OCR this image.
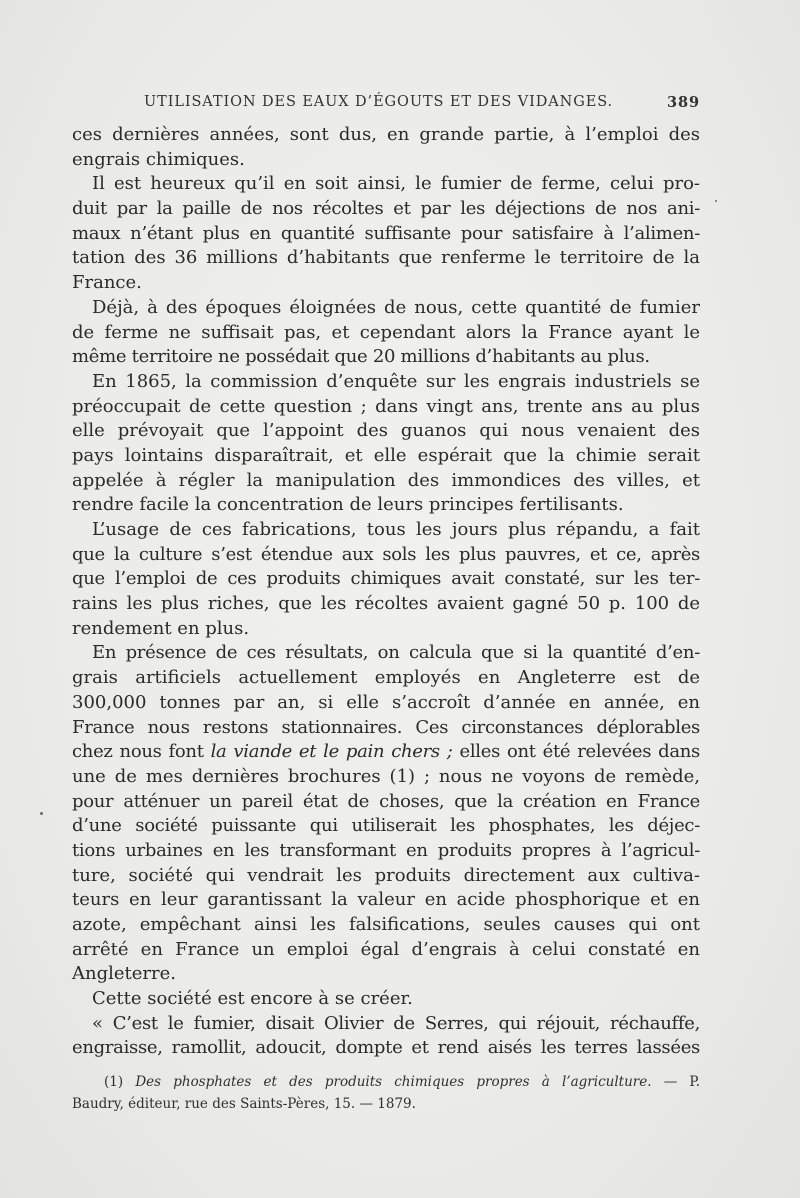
UTILISATION DES EAUX D’ÉGOUTS ET DES VIDANGES.	389
ces dernières années, sont dus, en grande partie, à l’emploi des
engrais chimiques.
Il est heureux qu’il en soit ainsi, le fumier de ferme, celui pro-
duit par la paille de nos récoltes et par les déjections de nos ani-
maux n’étant plus en quantité suffisante pour satisfaire à l’alimen-
tation des 36 millions d’habitants que renferme le territoire de la
France.
Déjà, à des époques éloignées de nous, cette quantité de fumier
de ferme ne suffisait pas, et cependant alors la France ayant le
même territoire ne possédait que 20 millions d’habitants au plus.
En 1865, la commission d’enquête sur les engrais industriels se
préoccupait de cette question ; dans vingt ans, trente ans au plus
elle prévoyait que l’appoint des guanos qui nous venaient des
pays lointains disparaîtrait, et elle espérait que la chimie serait
appelée à régler la manipulation des immondices des villes, et
rendre facile la concentration de leurs principes fertilisants.
L’usage de ces fabrications, tous les jours plus répandu, a fait
que la culture s’est étendue aux sols les plus pauvres, et ce, après
que l’emploi de ces produits chimiques avait constaté, sur les ter-
rains les plus riches, que les récoltes avaient gagné 50 p. 100 de
rendement en plus.
En présence de ces résultats, on calcula que si la quantité d’en-
grais artificiels actuellement employés en Angleterre est de
300,000 tonnes par an, si elle s’accroît d’année en année, en
France nous restons stationnaires. Ces circonstances déplorables
chez nous font la viande et le pain chers ; elles ont été relevées dans
une de mes dernières brochures (1) ; nous ne voyons de remède,
pour atténuer un pareil état de choses, que la création en France
d’une société puissante qui utiliserait les phosphates, les déjec-
tions urbaines en les transformant en produits propres à l’agricul-
ture, société qui vendrait les produits directement aux cultiva-
teurs en leur garantissant la valeur en acide phosphorique et en
azote, empêchant ainsi les falsifications, seules causes qui ont
arrêté en France un emploi égal d’engrais à celui constaté en
Angleterre.
Cette société est encore à se créer.
« C’est le fumier, disait Olivier de Serres, qui réjouit, réchauffe,
engraisse, ramollit, adoucit, dompte et rend aisés les terres lassées
(1) Des phosphates et des produits chimiques propres à l’agriculture. — P.
Baudry, éditeur, rue des Saints-Pères, 15. — 1879.
